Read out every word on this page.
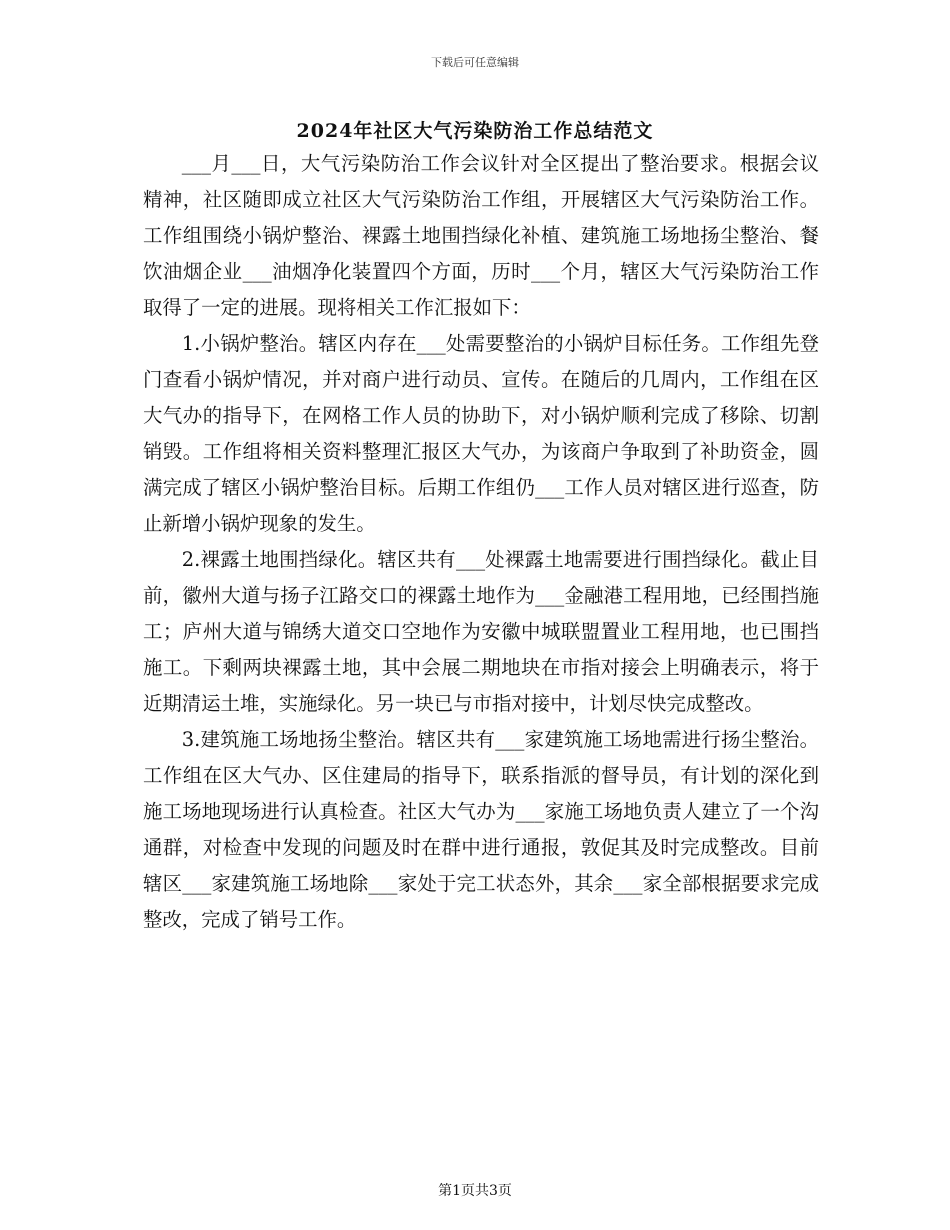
下载后可任意编辑
2024年社区大气污染防治工作总结范文

___月___日，大气污染防治工作会议针对全区提出了整治要求。根据会议精神，社区随即成立社区大气污染防治工作组，开展辖区大气污染防治工作。工作组围绕小锅炉整治、裸露土地围挡绿化补植、建筑施工场地扬尘整治、餐饮油烟企业___油烟净化装置四个方面，历时___个月，辖区大气污染防治工作取得了一定的进展。现将相关工作汇报如下：

1.小锅炉整治。辖区内存在___处需要整治的小锅炉目标任务。工作组先登门查看小锅炉情况，并对商户进行动员、宣传。在随后的几周内，工作组在区大气办的指导下，在网格工作人员的协助下，对小锅炉顺利完成了移除、切割销毁。工作组将相关资料整理汇报区大气办，为该商户争取到了补助资金，圆满完成了辖区小锅炉整治目标。后期工作组仍___工作人员对辖区进行巡查，防止新增小锅炉现象的发生。

2.裸露土地围挡绿化。辖区共有___处裸露土地需要进行围挡绿化。截止目前，徽州大道与扬子江路交口的裸露土地作为___金融港工程用地，已经围挡施工；庐州大道与锦绣大道交口空地作为安徽中城联盟置业工程用地，也已围挡施工。下剩两块裸露土地，其中会展二期地块在市指对接会上明确表示，将于近期清运土堆，实施绿化。另一块已与市指对接中，计划尽快完成整改。

3.建筑施工场地扬尘整治。辖区共有___家建筑施工场地需进行扬尘整治。工作组在区大气办、区住建局的指导下，联系指派的督导员，有计划的深化到施工场地现场进行认真检查。社区大气办为___家施工场地负责人建立了一个沟通群，对检查中发现的问题及时在群中进行通报，敦促其及时完成整改。目前辖区___家建筑施工场地除___家处于完工状态外，其余___家全部根据要求完成整改，完成了销号工作。

第1页共3页
